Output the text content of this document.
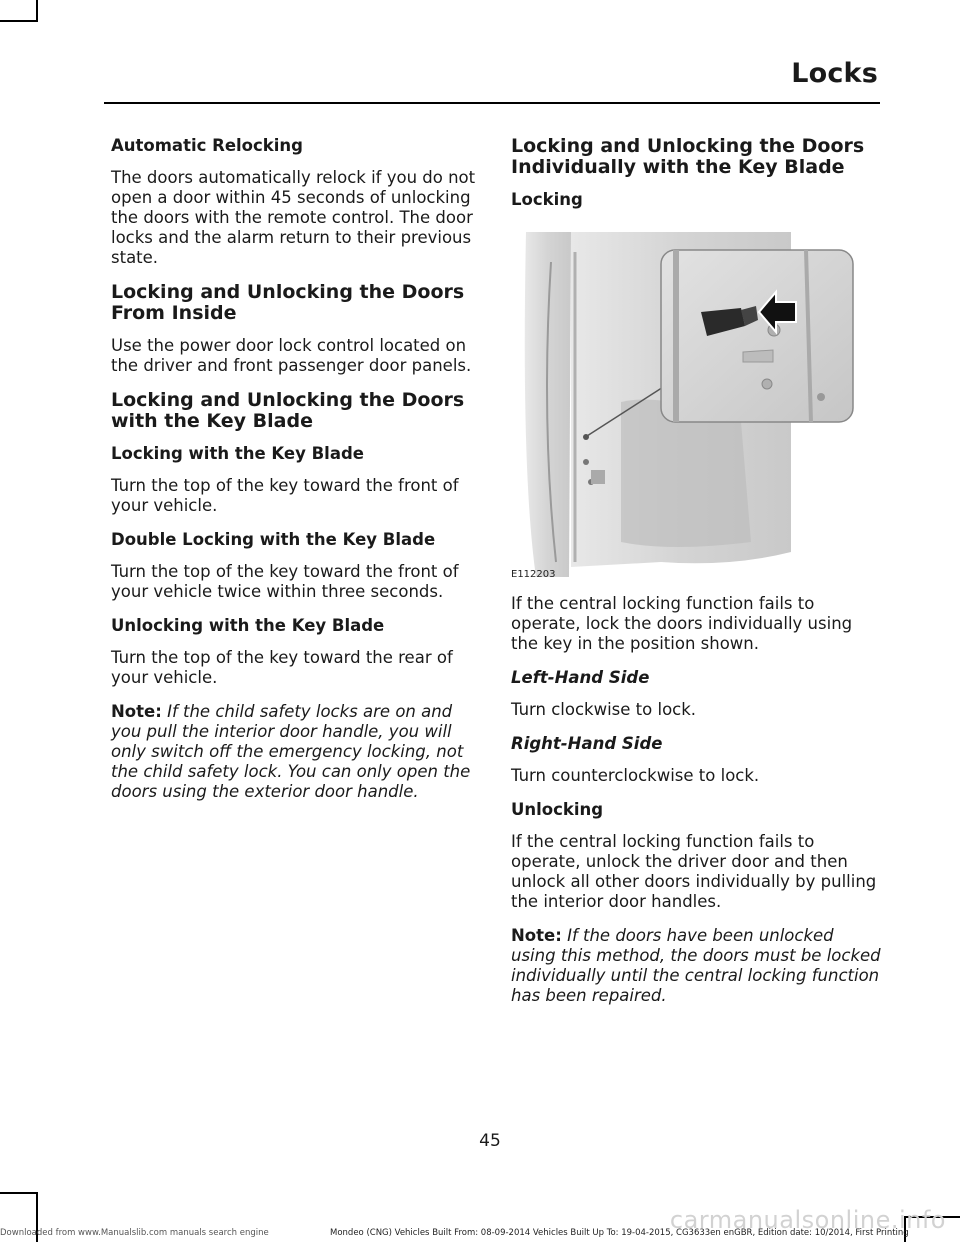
Locks
Automatic Relocking
The doors automatically relock if you do not open a door within 45 seconds of unlocking the doors with the remote control. The door locks and the alarm return to their previous state.
Locking and Unlocking the Doors From Inside
Use the power door lock control located on the driver and front passenger door panels.
Locking and Unlocking the Doors with the Key Blade
Locking with the Key Blade
Turn the top of the key toward the front of your vehicle.
Double Locking with the Key Blade
Turn the top of the key toward the front of your vehicle twice within three seconds.
Unlocking with the Key Blade
Turn the top of the key toward the rear of your vehicle.
Note: If the child safety locks are on and you pull the interior door handle, you will only switch off the emergency locking, not the child safety lock. You can only open the doors using the exterior door handle.
Locking and Unlocking the Doors Individually with the Key Blade
Locking
E112203
If the central locking function fails to operate, lock the doors individually using the key in the position shown.
Left-Hand Side
Turn clockwise to lock.
Right-Hand Side
Turn counterclockwise to lock.
Unlocking
If the central locking function fails to operate, unlock the driver door and then unlock all other doors individually by pulling the interior door handles.
Note: If the doors have been unlocked using this method, the doors must be locked individually until the central locking function has been repaired.
45
Downloaded from www.Manualslib.com manuals search engine	Mondeo (CNG) Vehicles Built From: 08-09-2014 Vehicles Built Up To: 19-04-2015, CG3633en enGBR, Edition date: 10/2014, First Printing
carmanualsonline.info
